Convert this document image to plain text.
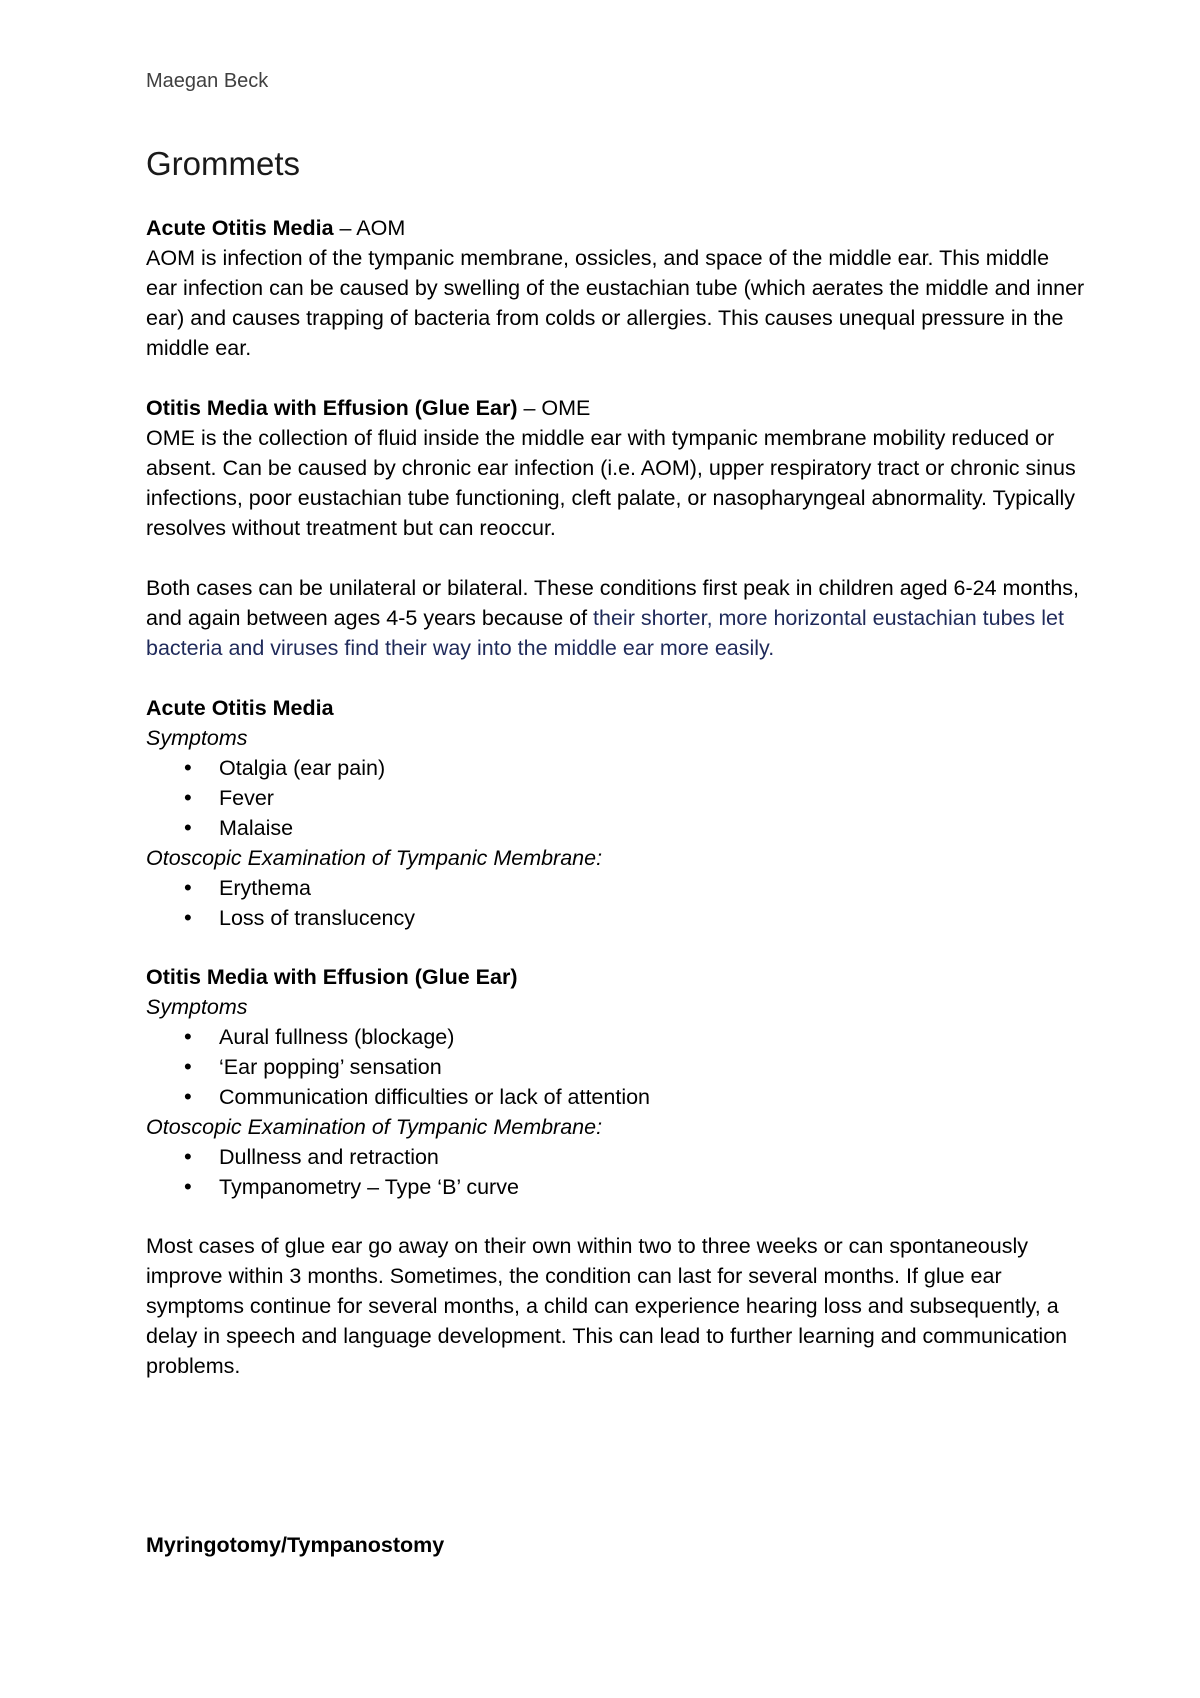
Maegan Beck
Grommets

Acute Otitis Media – AOM

AOM is infection of the tympanic membrane, ossicles, and space of the middle ear. This middle ear infection can be caused by swelling of the eustachian tube (which aerates the middle and inner ear) and causes trapping of bacteria from colds or allergies. This causes unequal pressure in the middle ear.

Otitis Media with Effusion (Glue Ear) – OME

OME is the collection of fluid inside the middle ear with tympanic membrane mobility reduced or absent. Can be caused by chronic ear infection (i.e. AOM), upper respiratory tract or chronic sinus infections, poor eustachian tube functioning, cleft palate, or nasopharyngeal abnormality. Typically resolves without treatment but can reoccur.

Both cases can be unilateral or bilateral. These conditions first peak in children aged 6-24 months, and again between ages 4-5 years because of their shorter, more horizontal eustachian tubes let bacteria and viruses find their way into the middle ear more easily.

Acute Otitis Media

Symptoms

• Otalgia (ear pain)
• Fever
• Malaise

Otoscopic Examination of Tympanic Membrane:

• Erythema
• Loss of translucency

Otitis Media with Effusion (Glue Ear)

Symptoms

• Aural fullness (blockage)
• ‘Ear popping’ sensation
• Communication difficulties or lack of attention

Otoscopic Examination of Tympanic Membrane:

• Dullness and retraction
• Tympanometry – Type ‘B’ curve

Most cases of glue ear go away on their own within two to three weeks or can spontaneously improve within 3 months. Sometimes, the condition can last for several months. If glue ear symptoms continue for several months, a child can experience hearing loss and subsequently, a delay in speech and language development. This can lead to further learning and communication problems.

Myringotomy/Tympanostomy
